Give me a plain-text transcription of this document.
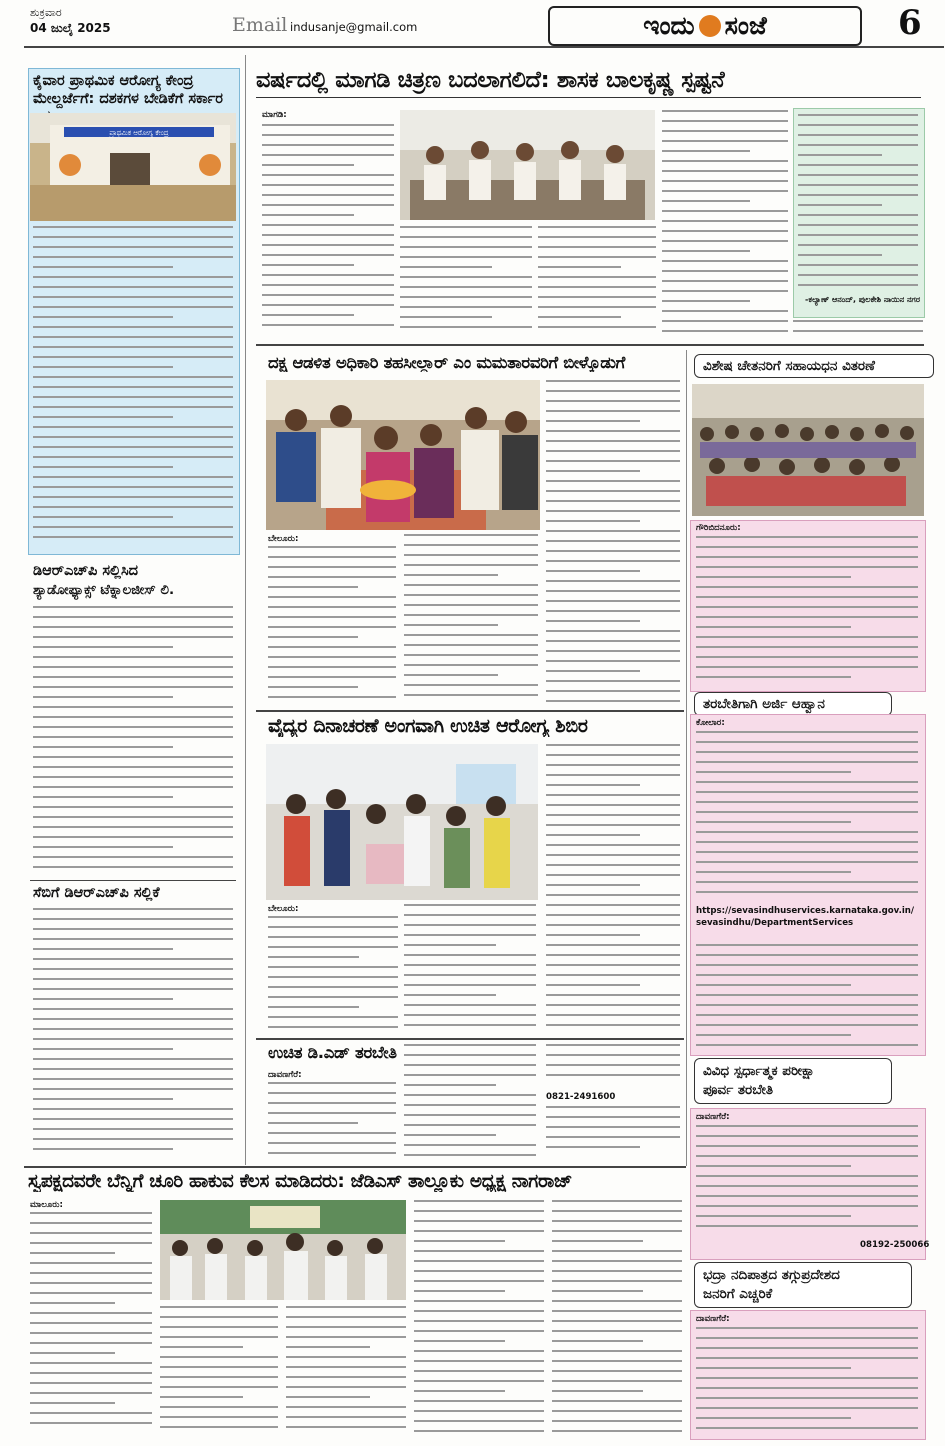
ಶುಕ್ರವಾರ
04 ಜುಲೈ 2025	Email indusanje@gmail.com	ಇಂದು ಸಂಜೆ	6
ಕೈವಾರ ಪ್ರಾಥಮಿಕ ಆರೋಗ್ಯ ಕೇಂದ್ರ ಮೇಲ್ದರ್ಜೆಗೆ: ದಶಕಗಳ ಬೇಡಿಕೆಗೆ ಸರ್ಕಾರ
ಪ್ರಾಥಮಿಕ ಆರೋಗ್ಯ ಕೇಂದ್ರ
ಡಿಆರ್‌ಎಚ್‌ಪಿ ಸಲ್ಲಿಸಿದ
ಶ್ಯಾಡೋಫ್ಯಾಕ್ಸ್ ಟೆಕ್ನಾಲಜೀಸ್ ಲಿ.
ಸೆಬಿಗೆ ಡಿಆರ್‌ಎಚ್‌ಪಿ ಸಲ್ಲಿಕೆ
ವರ್ಷದಲ್ಲಿ ಮಾಗಡಿ ಚಿತ್ರಣ ಬದಲಾಗಲಿದೆ: ಶಾಸಕ ಬಾಲಕೃಷ್ಣ ಸ್ಪಷ್ಟನೆ
ಮಾಗಡಿ:
-ಕಲ್ಯಾಣ್ ಆನಂದ್, ಪುಲಕೇಶಿ ನಾಯಿನ ನಗರ
ದಕ್ಷ ಆಡಳಿತ ಅಧಿಕಾರಿ ತಹಸೀಲ್ದಾರ್ ಎಂ ಮಮತಾರವರಿಗೆ ಬೀಳ್ಕೊಡುಗೆ
ಬೇಲೂರು:
ವಿಶೇಷ ಚೇತನರಿಗೆ ಸಹಾಯಧನ ವಿತರಣೆ
ಗೌರಿಬಿದನೂರು:
ತರಬೇತಿಗಾಗಿ ಅರ್ಜಿ ಆಹ್ವಾನ
ಕೋಲಾರ:
https://sevasindhuservices.karnataka.gov.in/sevasindhu/DepartmentServices
ವೈದ್ಯರ ದಿನಾಚರಣೆ ಅಂಗವಾಗಿ ಉಚಿತ ಆರೋಗ್ಯ ಶಿಬಿರ
ಬೇಲೂರು:
ಉಚಿತ ಡಿ.ಎಡ್ ತರಬೇತಿ
ದಾವಣಗೆರೆ:
0821-2491600
ವಿವಿಧ ಸ್ಪರ್ಧಾತ್ಮಕ ಪರೀಕ್ಷಾ
ಪೂರ್ವ ತರಬೇತಿ
ದಾವಣಗೆರೆ:
08192-250066
ಸ್ವಪಕ್ಷದವರೇ ಬೆನ್ನಿಗೆ ಚೂರಿ ಹಾಕುವ ಕೆಲಸ ಮಾಡಿದರು: ಜೆಡಿಎಸ್ ತಾಲ್ಲೂಕು ಅಧ್ಯಕ್ಷ ನಾಗರಾಜ್
ಮಾಲೂರು:
ಭದ್ರಾ ನದಿಪಾತ್ರದ ತಗ್ಗುಪ್ರದೇಶದ
ಜನರಿಗೆ ಎಚ್ಚರಿಕೆ
ದಾವಣಗೆರೆ:
